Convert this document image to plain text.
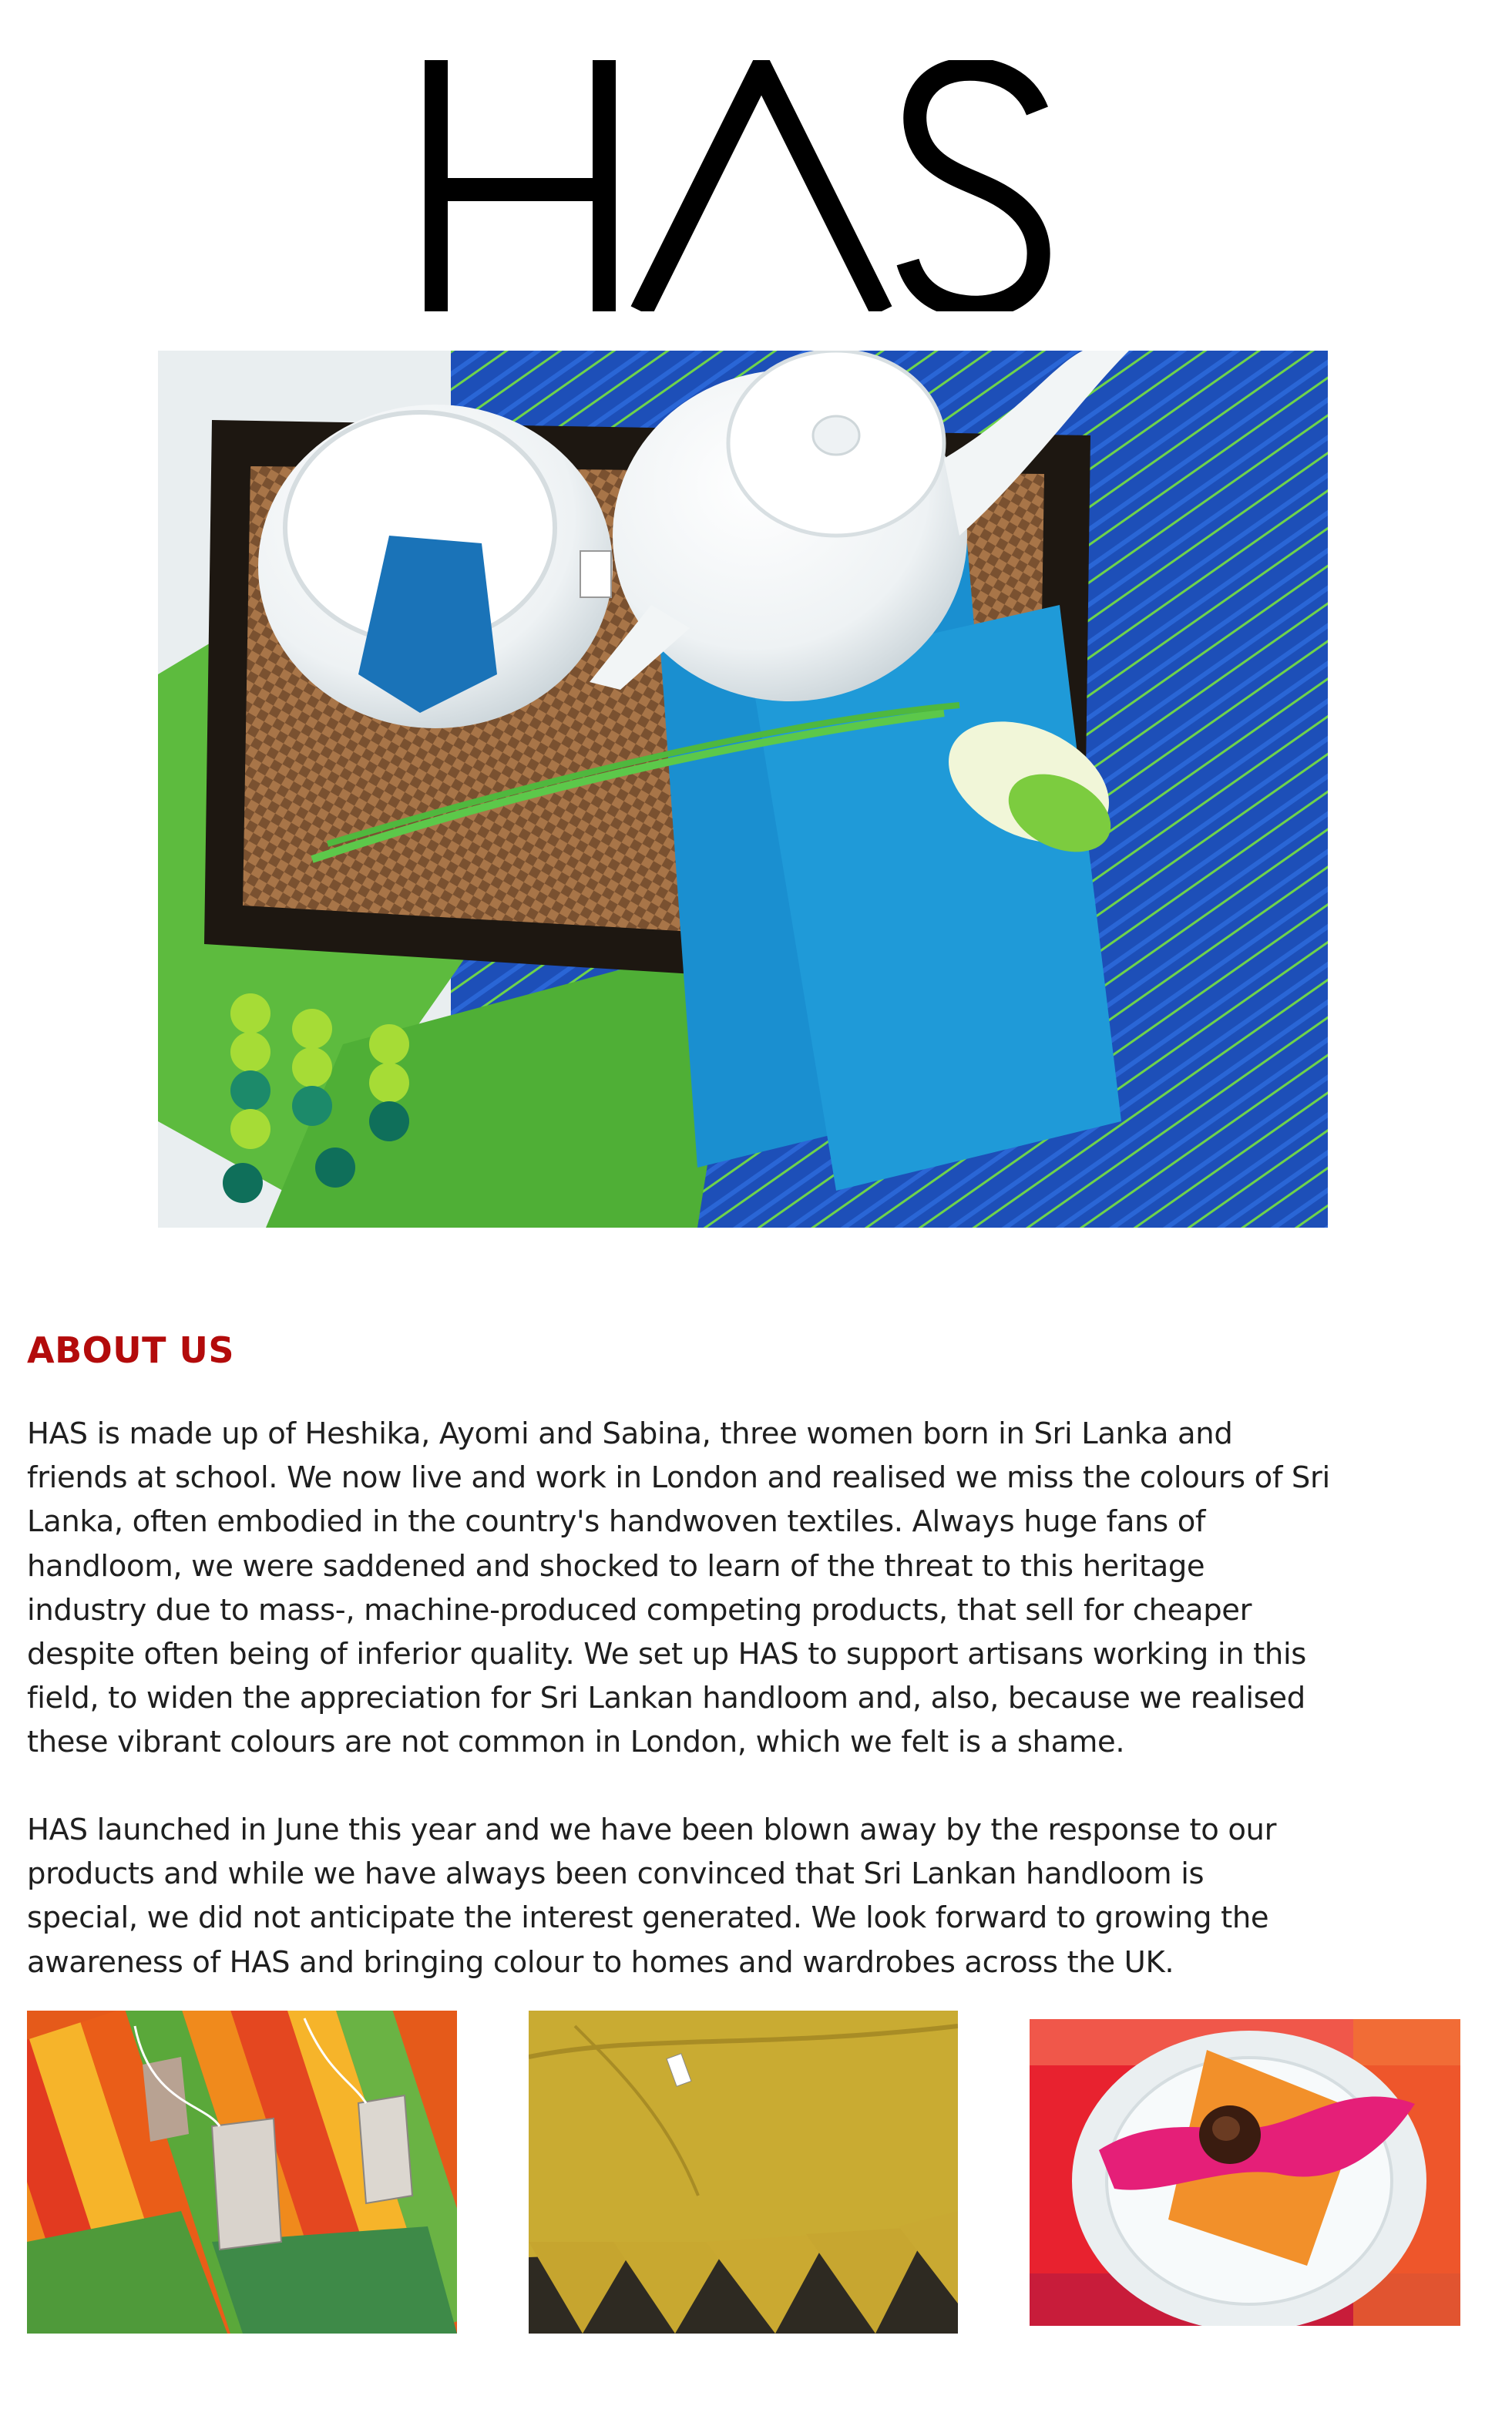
ABOUT US

HAS is made up of Heshika, Ayomi and Sabina, three women born in Sri Lanka and
friends at school. We now live and work in London and realised we miss the colours of Sri
Lanka, often embodied in the country's handwoven textiles. Always huge fans of
handloom, we were saddened and shocked to learn of the threat to this heritage
industry due to mass-, machine-produced competing products, that sell for cheaper
despite often being of inferior quality. We set up HAS to support artisans working in this
field, to widen the appreciation for Sri Lankan handloom and, also, because we realised
these vibrant colours are not common in London, which we felt is a shame.

HAS launched in June this year and we have been blown away by the response to our
products and while we have always been convinced that Sri Lankan handloom is
special, we did not anticipate the interest generated. We look forward to growing the
awareness of HAS and bringing colour to homes and wardrobes across the UK.
